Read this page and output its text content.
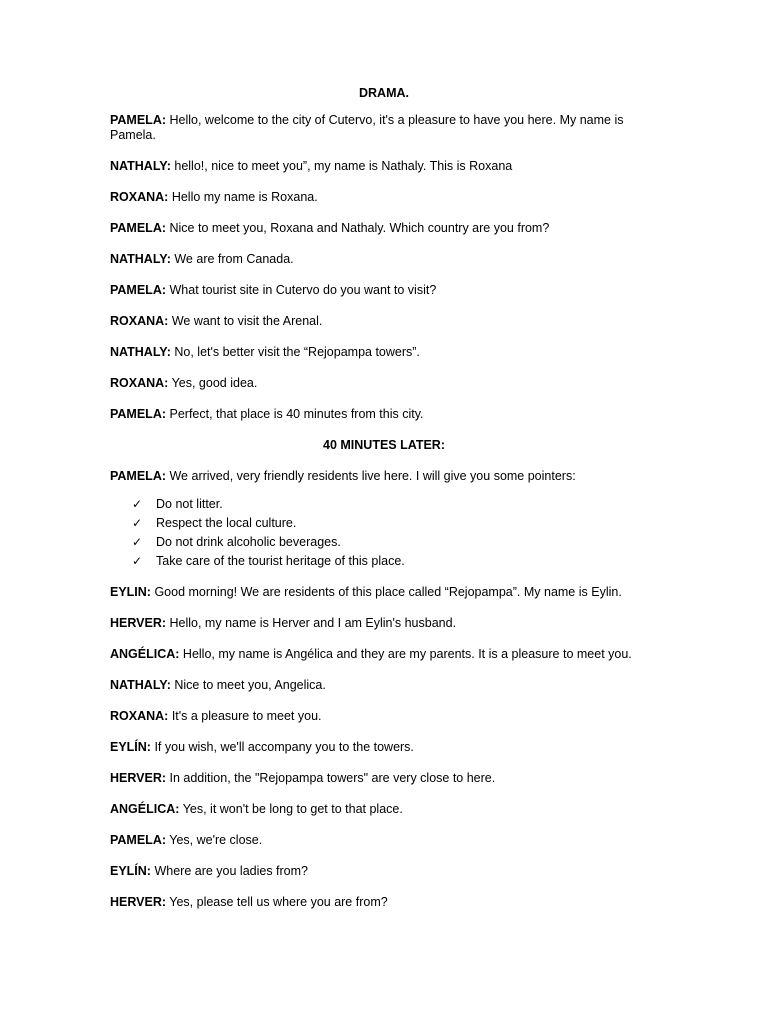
DRAMA.

PAMELA: Hello, welcome to the city of Cutervo, it's a pleasure to have you here. My name is Pamela.

NATHALY: hello!, nice to meet you”, my name is Nathaly. This is Roxana

ROXANA: Hello my name is Roxana.

PAMELA: Nice to meet you, Roxana and Nathaly. Which country are you from?

NATHALY: We are from Canada.

PAMELA: What tourist site in Cutervo do you want to visit?

ROXANA: We want to visit the Arenal.

NATHALY: No, let's better visit the “Rejopampa towers”.

ROXANA: Yes, good idea.

PAMELA: Perfect, that place is 40 minutes from this city.

40 MINUTES LATER:

PAMELA: We arrived, very friendly residents live here. I will give you some pointers:

✓ Do not litter.
✓ Respect the local culture.
✓ Do not drink alcoholic beverages.
✓ Take care of the tourist heritage of this place.

EYLIN: Good morning! We are residents of this place called “Rejopampa”. My name is Eylin.

HERVER: Hello, my name is Herver and I am Eylin's husband.

ANGÉLICA: Hello, my name is Angélica and they are my parents. It is a pleasure to meet you.

NATHALY: Nice to meet you, Angelica.

ROXANA: It's a pleasure to meet you.

EYLÍN: If you wish, we'll accompany you to the towers.

HERVER: In addition, the "Rejopampa towers" are very close to here.

ANGÉLICA: Yes, it won't be long to get to that place.

PAMELA: Yes, we're close.

EYLÍN: Where are you ladies from?

HERVER: Yes, please tell us where you are from?
